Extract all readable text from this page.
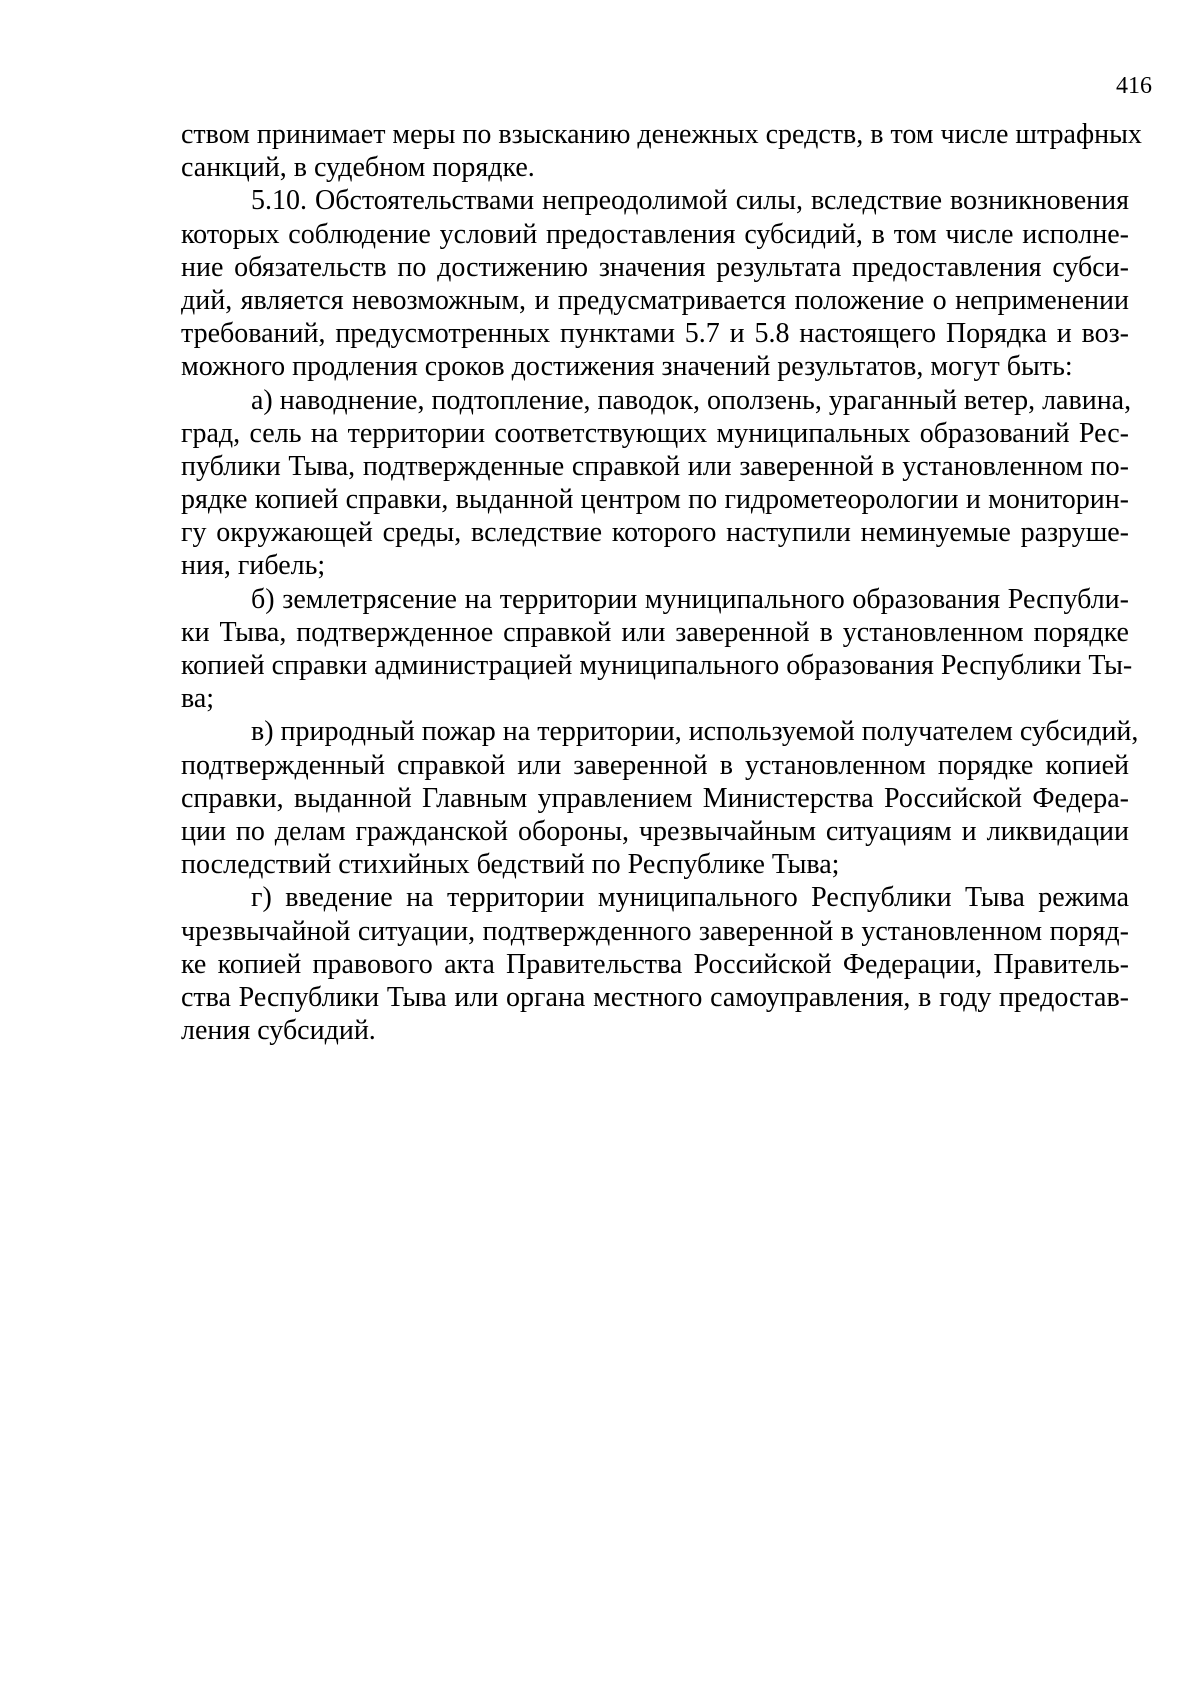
416
ством принимает меры по взысканию денежных средств, в том числе штрафных
санкций, в судебном порядке.
5.10. Обстоятельствами непреодолимой силы, вследствие возникновения
которых соблюдение условий предоставления субсидий, в том числе исполне-
ние обязательств по достижению значения результата предоставления субси-
дий, является невозможным, и предусматривается положение о неприменении
требований, предусмотренных пунктами 5.7 и 5.8 настоящего Порядка и воз-
можного продления сроков достижения значений результатов, могут быть:
а) наводнение, подтопление, паводок, оползень, ураганный ветер, лавина,
град, сель на территории соответствующих муниципальных образований Рес-
публики Тыва, подтвержденные справкой или заверенной в установленном по-
рядке копией справки, выданной центром по гидрометеорологии и мониторин-
гу окружающей среды, вследствие которого наступили неминуемые разруше-
ния, гибель;
б) землетрясение на территории муниципального образования Республи-
ки Тыва, подтвержденное справкой или заверенной в установленном порядке
копией справки администрацией муниципального образования Республики Ты-
ва;
в) природный пожар на территории, используемой получателем субсидий,
подтвержденный справкой или заверенной в установленном порядке копией
справки, выданной Главным управлением Министерства Российской Федера-
ции по делам гражданской обороны, чрезвычайным ситуациям и ликвидации
последствий стихийных бедствий по Республике Тыва;
г) введение на территории муниципального Республики Тыва режима
чрезвычайной ситуации, подтвержденного заверенной в установленном поряд-
ке копией правового акта Правительства Российской Федерации, Правитель-
ства Республики Тыва или органа местного самоуправления, в году предостав-
ления субсидий.
